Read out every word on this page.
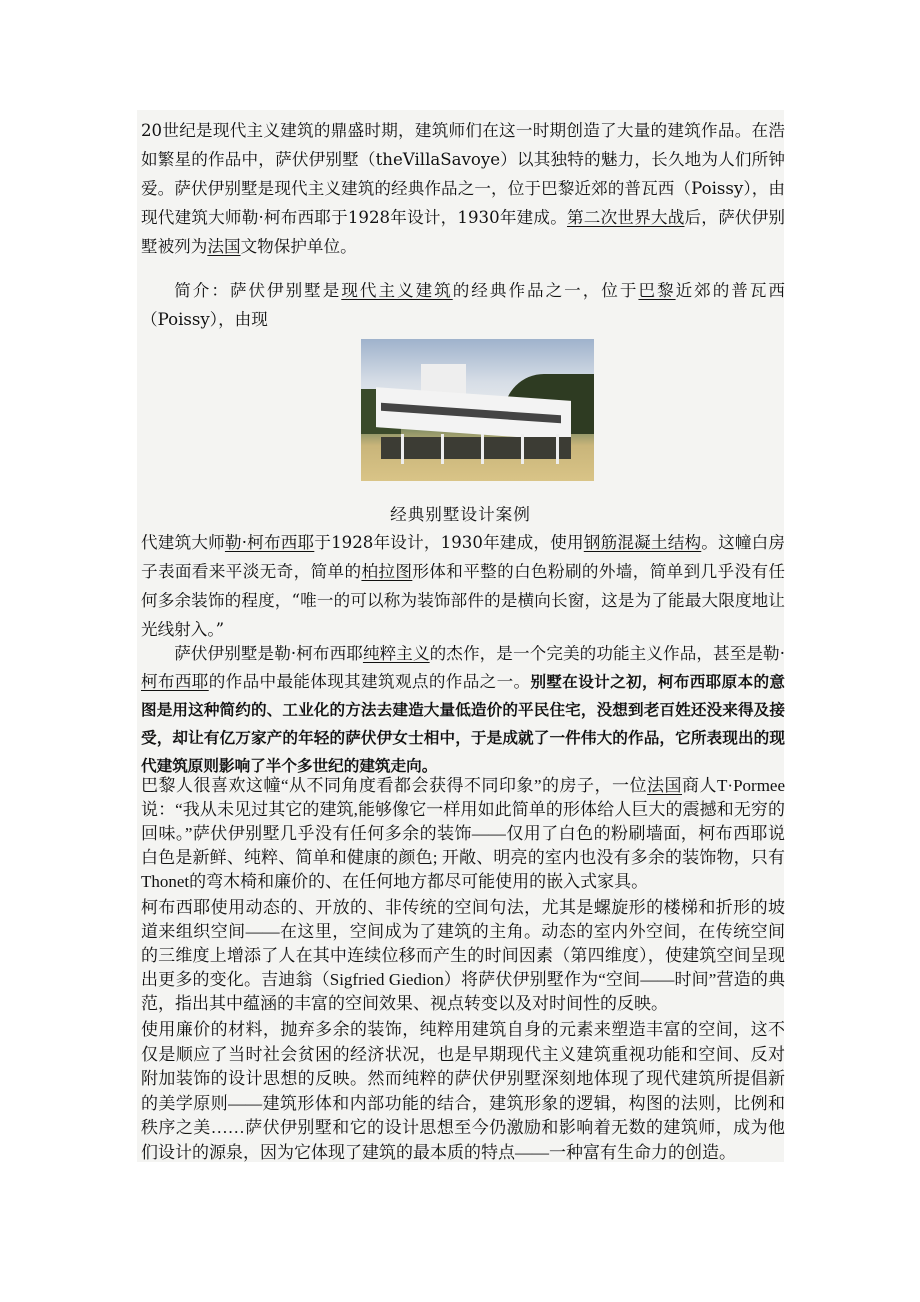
20世纪是现代主义建筑的鼎盛时期，建筑师们在这一时期创造了大量的建筑作品。在浩如繁星的作品中，萨伏伊别墅（theVillaSavoye）以其独特的魅力，长久地为人们所钟爱。萨伏伊别墅是现代主义建筑的经典作品之一，位于巴黎近郊的普瓦西（Poissy），由现代建筑大师勒·柯布西耶于1928年设计，1930年建成。第二次世界大战后，萨伏伊别墅被列为法国文物保护单位。
简介：萨伏伊别墅是现代主义建筑的经典作品之一，位于巴黎近郊的普瓦西（Poissy），由现
经典别墅设计案例
代建筑大师勒·柯布西耶于1928年设计，1930年建成，使用钢筋混凝土结构。这幢白房子表面看来平淡无奇，简单的柏拉图形体和平整的白色粉刷的外墙，简单到几乎没有任何多余装饰的程度，“唯一的可以称为装饰部件的是横向长窗，这是为了能最大限度地让光线射入。”
萨伏伊别墅是勒·柯布西耶纯粹主义的杰作，是一个完美的功能主义作品，甚至是勒·柯布西耶的作品中最能体现其建筑观点的作品之一。别墅在设计之初，柯布西耶原本的意图是用这种简约的、工业化的方法去建造大量低造价的平民住宅，没想到老百姓还没来得及接受，却让有亿万家产的年轻的萨伏伊女士相中，于是成就了一件伟大的作品，它所表现出的现代建筑原则影响了半个多世纪的建筑走向。
巴黎人很喜欢这幢“从不同角度看都会获得不同印象”的房子，一位法国商人T·Pormee说：“我从未见过其它的建筑,能够像它一样用如此简单的形体给人巨大的震撼和无穷的回味。”萨伏伊别墅几乎没有任何多余的装饰——仅用了白色的粉刷墙面，柯布西耶说白色是新鲜、纯粹、简单和健康的颜色; 开敞、明亮的室内也没有多余的装饰物，只有Thonet的弯木椅和廉价的、在任何地方都尽可能使用的嵌入式家具。
柯布西耶使用动态的、开放的、非传统的空间句法，尤其是螺旋形的楼梯和折形的坡道来组织空间——在这里，空间成为了建筑的主角。动态的室内外空间，在传统空间的三维度上增添了人在其中连续位移而产生的时间因素（第四维度），使建筑空间呈现出更多的变化。吉迪翁（Sigfried Giedion）将萨伏伊别墅作为“空间——时间”营造的典范，指出其中蕴涵的丰富的空间效果、视点转变以及对时间性的反映。
使用廉价的材料，抛弃多余的装饰，纯粹用建筑自身的元素来塑造丰富的空间，这不仅是顺应了当时社会贫困的经济状况，也是早期现代主义建筑重视功能和空间、反对附加装饰的设计思想的反映。然而纯粹的萨伏伊别墅深刻地体现了现代建筑所提倡新的美学原则——建筑形体和内部功能的结合，建筑形象的逻辑，构图的法则，比例和秩序之美……萨伏伊别墅和它的设计思想至今仍激励和影响着无数的建筑师，成为他们设计的源泉，因为它体现了建筑的最本质的特点——一种富有生命力的创造。
